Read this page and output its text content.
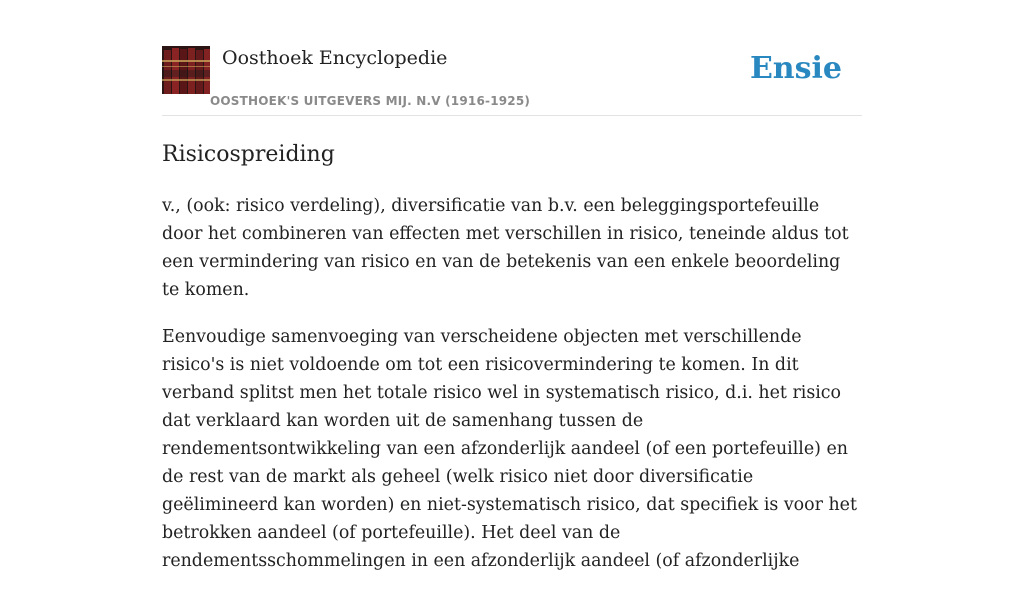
Oosthoek Encyclopedie
OOSTHOEK'S UITGEVERS MIJ. N.V (1916-1925)
Ensie
Risicospreiding

v., (ook: risico verdeling), diversificatie van b.v. een beleggingsportefeuille door het combineren van effecten met verschillen in risico, teneinde aldus tot een vermindering van risico en van de betekenis van een enkele beoordeling te komen.

Eenvoudige samenvoeging van verscheidene objecten met verschillende risico's is niet voldoende om tot een risicovermindering te komen. In dit verband splitst men het totale risico wel in systematisch risico, d.i. het risico dat verklaard kan worden uit de samenhang tussen de rendementsontwikkeling van een afzonderlijk aandeel (of een portefeuille) en de rest van de markt als geheel (welk risico niet door diversificatie geëlimineerd kan worden) en niet-systematisch risico, dat specifiek is voor het betrokken aandeel (of portefeuille). Het deel van de rendementsschommelingen in een afzonderlijk aandeel (of afzonderlijke
